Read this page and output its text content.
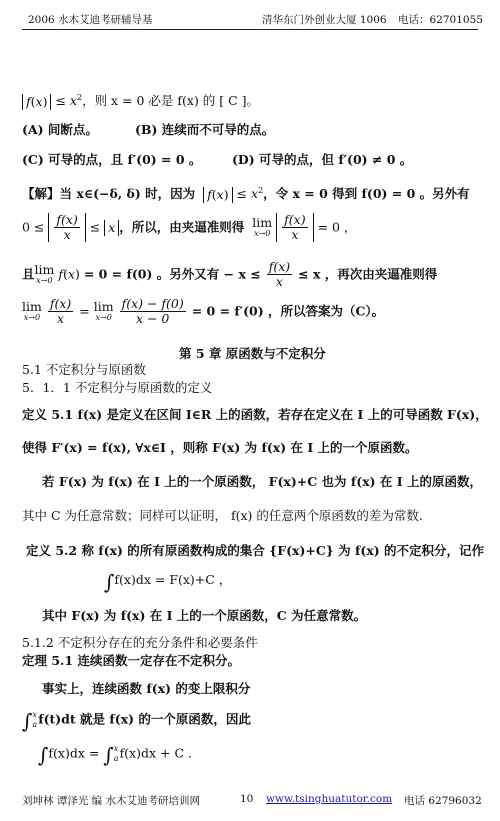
2006 水木艾迪考研辅导基	清华东门外创业大厦 1006 电话：62701055
$f(x) \le x^2$，则 x = 0 必是 f(x) 的 [ C ]。
(A) 间断点。	(B) 连续而不可导的点。
(C) 可导的点，且 f′(0) = 0 。 (D) 可导的点，但 f′(0) ≠ 0 。
【解】当 x∈(−δ, δ) 时，因为 $f(x) \le x^2$，令 x = 0 得到 f(0) = 0 。另外有
$0 \le \frac{f(x)}{x} \le x$ ，所以，由夹逼准则得 lim
x→0
$\frac{f(x)}{x} = 0$ ，
且 lim
x→0 f(x) = 0 = f(0) 。另外又有 − $x \le \frac{f(x)}{x} \le x$ ，再次由夹逼准则得
lim
x→0
$\frac{f(x)}{x} = \lim$
x→0
$\frac{f(x) - f(0)}{x - 0} = 0 = f'(0)$ ，所以答案为（C）。
第 5 章 原函数与不定积分
5.1 不定积分与原函数
5．1．1 不定积分与原函数的定义
定义 5.1 f(x) 是定义在区间 I∈R 上的函数，若存在定义在 I 上的可导函数 F(x)，
使得 F′(x) = f(x), ∀x∈I ，则称 F(x) 为 f(x) 在 I 上的一个原函数。
若 F(x) 为 f(x) 在 I 上的一个原函数， F(x)+C 也为 f(x) 在 I 上的原函数，
其中 C 为任意常数；同样可以证明， f(x) 的任意两个原函数的差为常数.
定义 5.2 称 f(x) 的所有原函数构成的集合 {F(x)+C} 为 f(x) 的不定积分，记作
∫f(x)dx = F(x)+C ，
其中 F(x) 为 f(x) 在 I 上的一个原函数，C 为任意常数。
5.1.2 不定积分存在的充分条件和必要条件
定理 5.1 连续函数一定存在不定积分。
事实上，连续函数 f(x) 的变上限积分
∫ x
a f(t)dt 就是 f(x) 的一个原函数，因此
∫f(x)dx = ∫ x
a f(x)dx + C .
刘坤林 谭泽光 编 水木艾迪考研培训网	10 www.tsinghuatutor.com 电话 62796032
